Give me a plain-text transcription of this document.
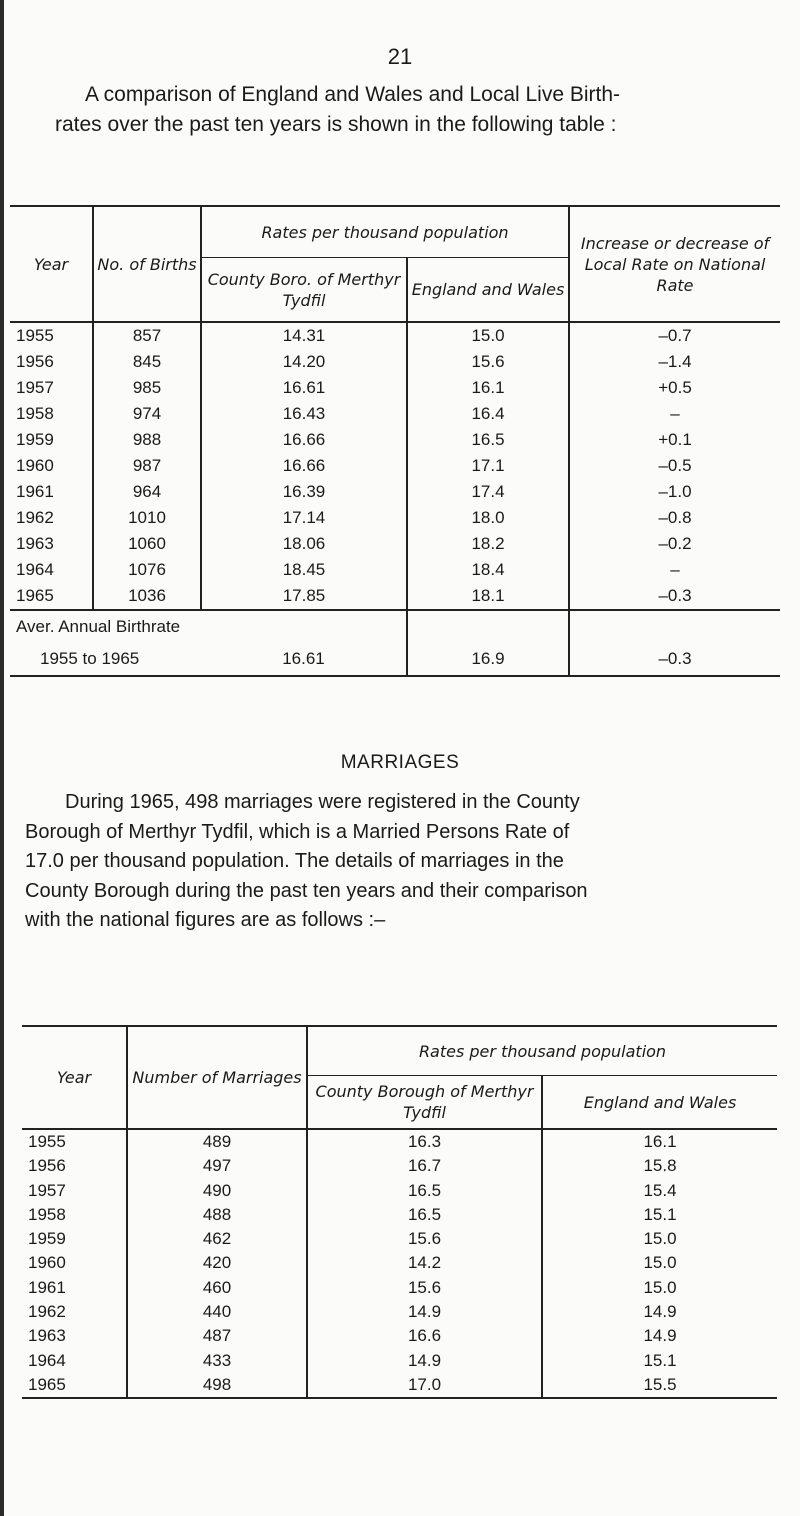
21

A comparison of England and Wales and Local Live Birth-
rates over the past ten years is shown in the following table :

Year	No. of Births	Rates per thousand population		Increase or decrease of Local Rate on National Rate
		County Boro. of Merthyr Tydfil	England and Wales	
1955	857	14.31	15.0	–0.7
1956	845	14.20	15.6	–1.4
1957	985	16.61	16.1	+0.5
1958	974	16.43	16.4	–
1959	988	16.66	16.5	+0.1
1960	987	16.66	17.1	–0.5
1961	964	16.39	17.4	–1.0
1962	1010	17.14	18.0	–0.8
1963	1060	18.06	18.2	–0.2
1964	1076	18.45	18.4	–
1965	1036	17.85	18.1	–0.3
Aver. Annual Birthrate				
1955 to 1965		16.61	16.9	–0.3
MARRIAGES

During 1965, 498 marriages were registered in the County
Borough of Merthyr Tydfil, which is a Married Persons Rate of
17.0 per thousand population. The details of marriages in the
County Borough during the past ten years and their comparison
with the national figures are as follows :–

Year	Number of Marriages	Rates per thousand population	
		County Borough of Merthyr Tydfil	England and Wales
1955	489	16.3	16.1
1956	497	16.7	15.8
1957	490	16.5	15.4
1958	488	16.5	15.1
1959	462	15.6	15.0
1960	420	14.2	15.0
1961	460	15.6	15.0
1962	440	14.9	14.9
1963	487	16.6	14.9
1964	433	14.9	15.1
1965	498	17.0	15.5
